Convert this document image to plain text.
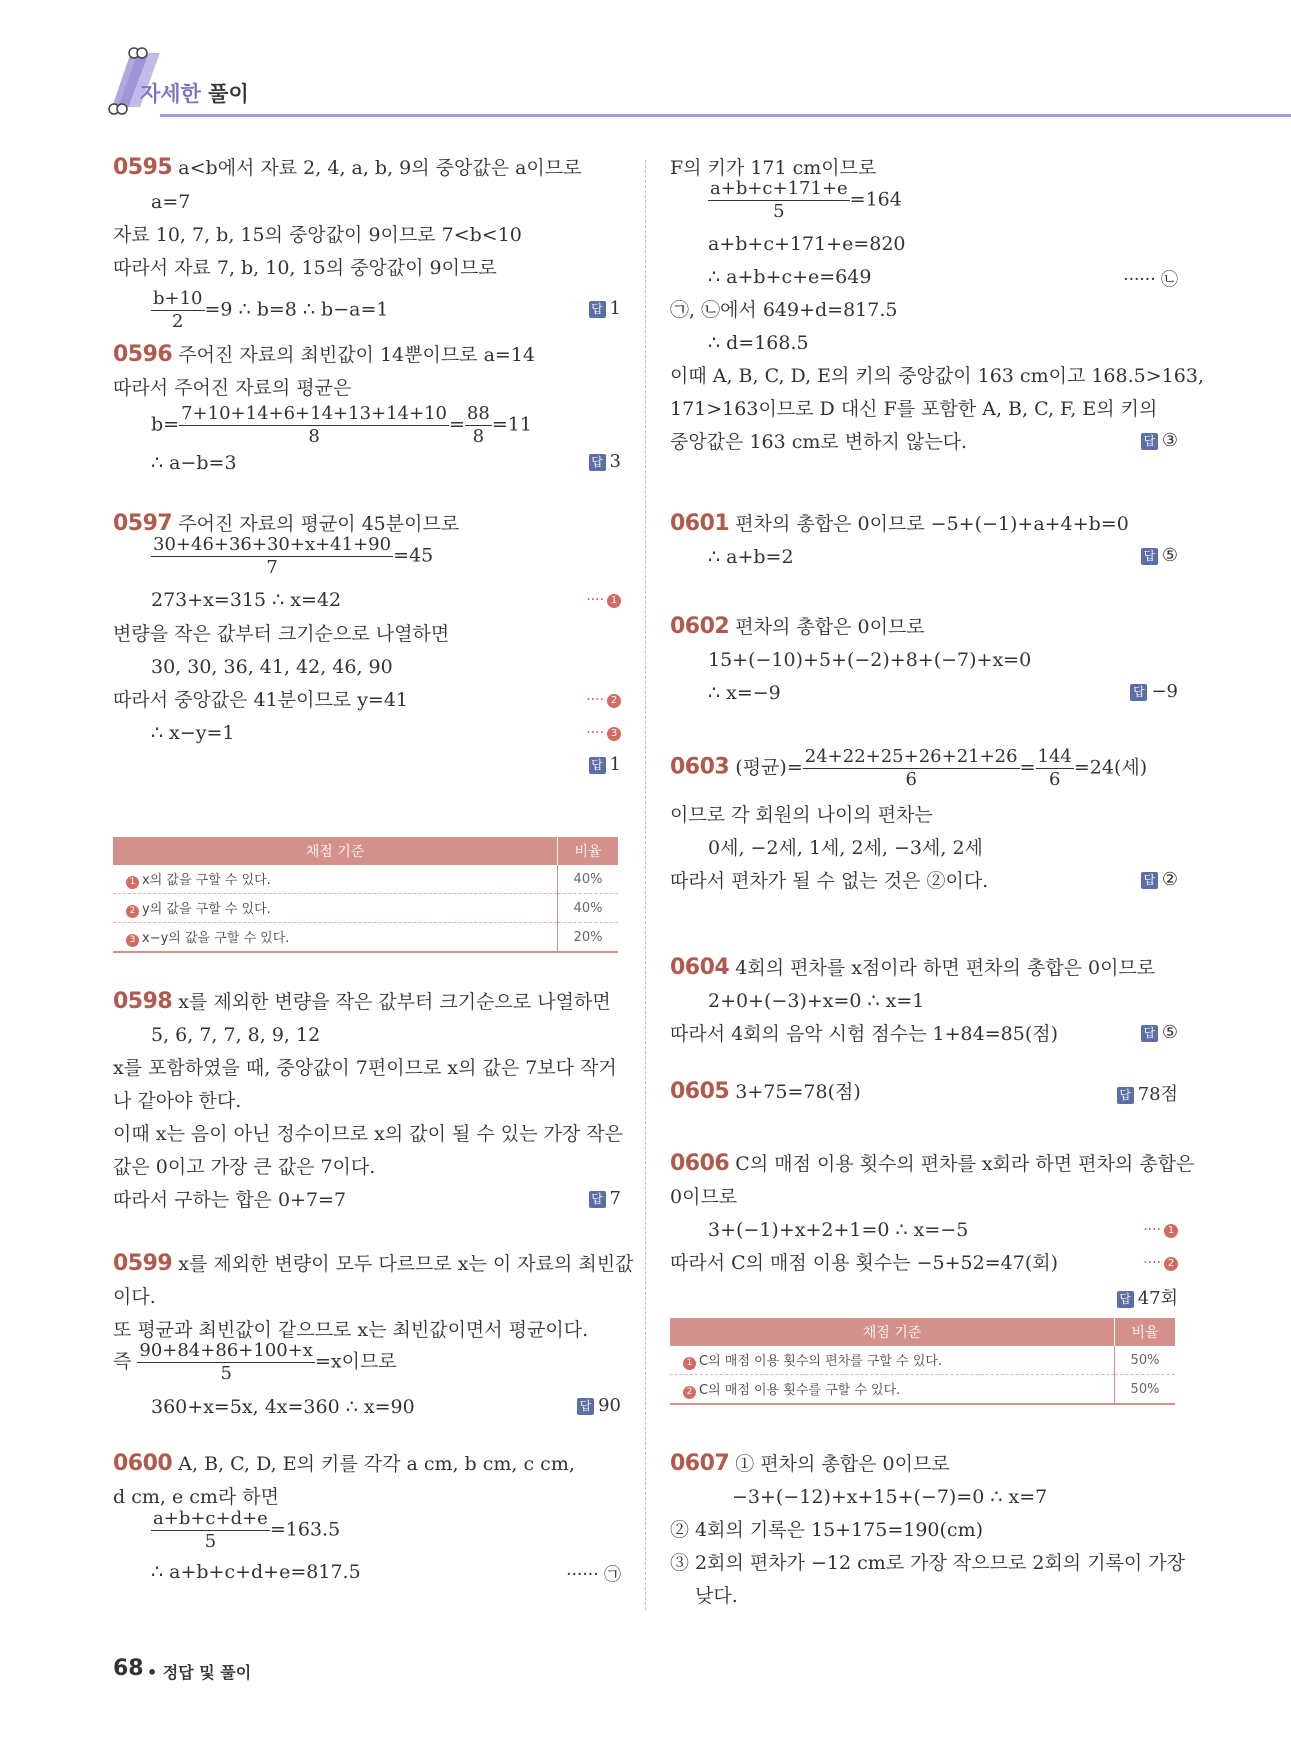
자세한 풀이
0595 a<b에서 자료 2, 4, a, b, 9의 중앙값은 a이므로
a=7
자료 10, 7, b, 15의 중앙값이 9이므로 7<b<10
따라서 자료 7, b, 10, 15의 중앙값이 9이므로
$\frac{b+10}{2} =9$ ∴ b=8 ∴ b−a=1	답 1
0596 주어진 자료의 최빈값이 14뿐이므로 a=14
따라서 주어진 자료의 평균은
$b= \frac{7+10+14+6+14+13+14+10}{8} = \frac{88}{8} =11$
∴ a−b=3	답 3
0597 주어진 자료의 평균이 45분이므로
$\frac{30+46+36+30+x+41+90}{7} =45$
273+x=315 ∴ x=42	···· 1
변량을 작은 값부터 크기순으로 나열하면
30, 30, 36, 41, 42, 46, 90
따라서 중앙값은 41분이므로 y=41	···· 2
∴ x−y=1	···· 3
답 1
채점 기준	비율
1 x의 값을 구할 수 있다.	40%
2 y의 값을 구할 수 있다.	40%
3 x−y의 값을 구할 수 있다.	20%
0598 x를 제외한 변량을 작은 값부터 크기순으로 나열하면
5, 6, 7, 7, 8, 9, 12
x를 포함하였을 때, 중앙값이 7편이므로 x의 값은 7보다 작거
나 같아야 한다.
이때 x는 음이 아닌 정수이므로 x의 값이 될 수 있는 가장 작은
값은 0이고 가장 큰 값은 7이다.
따라서 구하는 합은 0+7=7	답 7
0599 x를 제외한 변량이 모두 다르므로 x는 이 자료의 최빈값
이다.
또 평균과 최빈값이 같으므로 x는 최빈값이면서 평균이다.
즉 $\frac{90+84+86+100+x}{5} =x$이므로
360+x=5x, 4x=360 ∴ x=90	답 90
0600 A, B, C, D, E의 키를 각각 a cm, b cm, c cm,
d cm, e cm라 하면
$\frac{a+b+c+d+e}{5} =163.5$
∴ a+b+c+d+e=817.5	······ ㉠
F의 키가 171 cm이므로
$\frac{a+b+c+171+e}{5} =164$
a+b+c+171+e=820
∴ a+b+c+e=649	······ ㉡
㉠, ㉡에서 649+d=817.5
∴ d=168.5
이때 A, B, C, D, E의 키의 중앙값이 163 cm이고 168.5>163,
171>163이므로 D 대신 F를 포함한 A, B, C, F, E의 키의
중앙값은 163 cm로 변하지 않는다.	답 ③
0601 편차의 총합은 0이므로 −5+(−1)+a+4+b=0
∴ a+b=2	답 ⑤
0602 편차의 총합은 0이므로
15+(−10)+5+(−2)+8+(−7)+x=0
∴ x=−9	답 −9
0603 (평균)= $\frac{24+22+25+26+21+26}{6} = \frac{144}{6} =24$(세)
이므로 각 회원의 나이의 편차는
0세, −2세, 1세, 2세, −3세, 2세
따라서 편차가 될 수 없는 것은 ②이다.	답 ②
0604 4회의 편차를 x점이라 하면 편차의 총합은 0이므로
2+0+(−3)+x=0 ∴ x=1
따라서 4회의 음악 시험 점수는 1+84=85(점)	답 ⑤
0605 3+75=78(점)	답 78점
0606 C의 매점 이용 횟수의 편차를 x회라 하면 편차의 총합은
0이므로
3+(−1)+x+2+1=0 ∴ x=−5	···· 1
따라서 C의 매점 이용 횟수는 −5+52=47(회)	···· 2
답 47회
채점 기준	비율
1 C의 매점 이용 횟수의 편차를 구할 수 있다.	50%
2 C의 매점 이용 횟수를 구할 수 있다.	50%
0607 ① 편차의 총합은 0이므로
−3+(−12)+x+15+(−7)=0 ∴ x=7
② 4회의 기록은 15+175=190(cm)
③ 2회의 편차가 −12 cm로 가장 작으므로 2회의 기록이 가장
낮다.
68 • 정답 및 풀이
